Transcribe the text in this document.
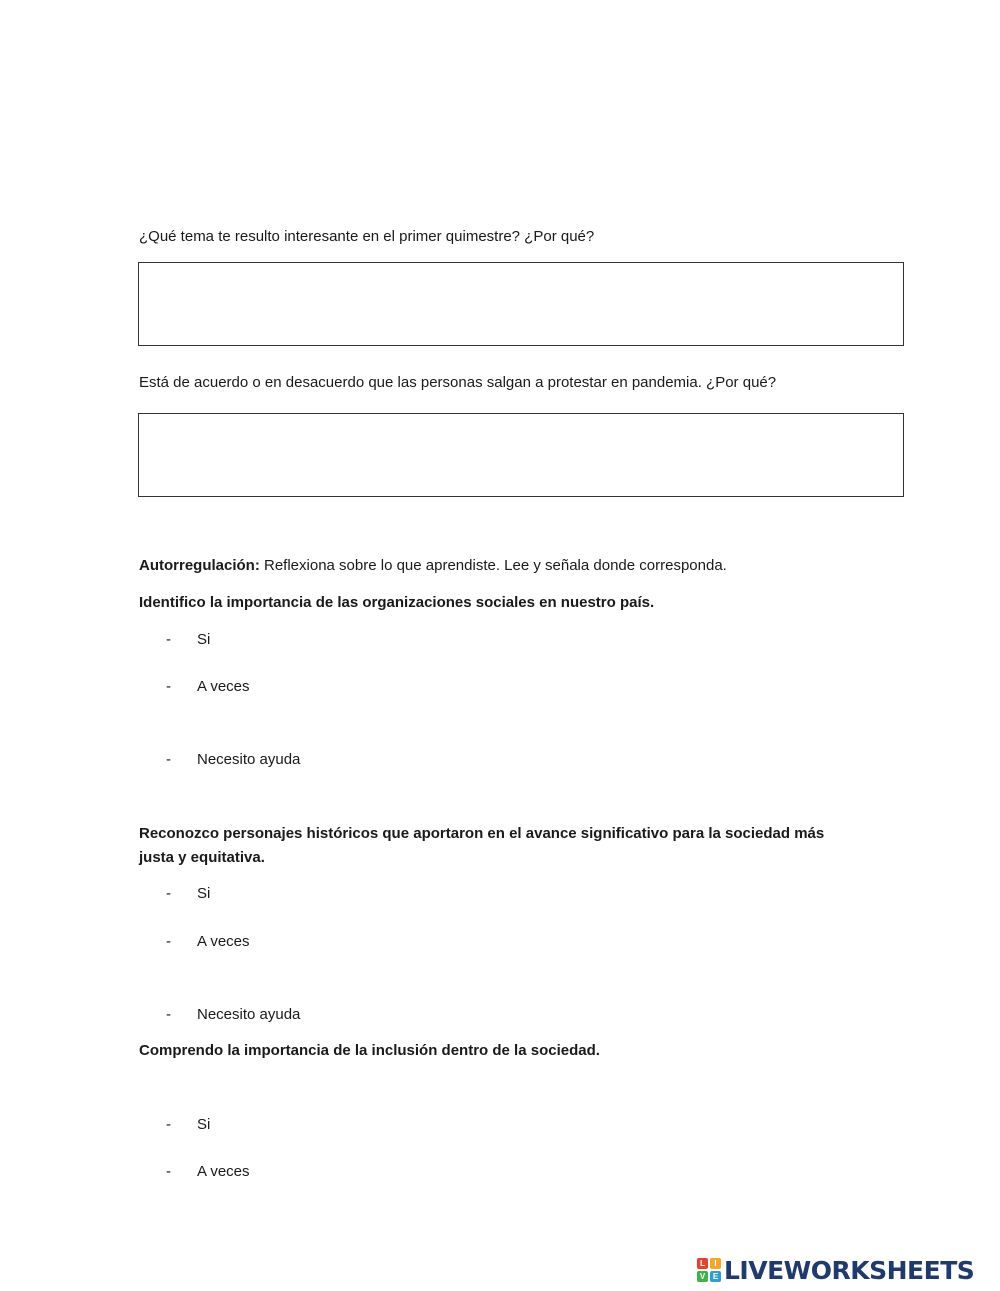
¿Qué tema te resulto interesante en el primer quimestre? ¿Por qué?
Está de acuerdo o en desacuerdo que las personas salgan a protestar en pandemia. ¿Por qué?
Autorregulación: Reflexiona sobre lo que aprendiste. Lee y señala donde corresponda.
Identifico la importancia de las organizaciones sociales en nuestro país.
- Si
- A veces
- Necesito ayuda
Reconozco personajes históricos que aportaron en el avance significativo para la sociedad más
justa y equitativa.
- Si
- A veces
- Necesito ayuda
Comprendo la importancia de la inclusión dentro de la sociedad.
- Si
- A veces
L	I
V E LIVEWORKSHEETS
